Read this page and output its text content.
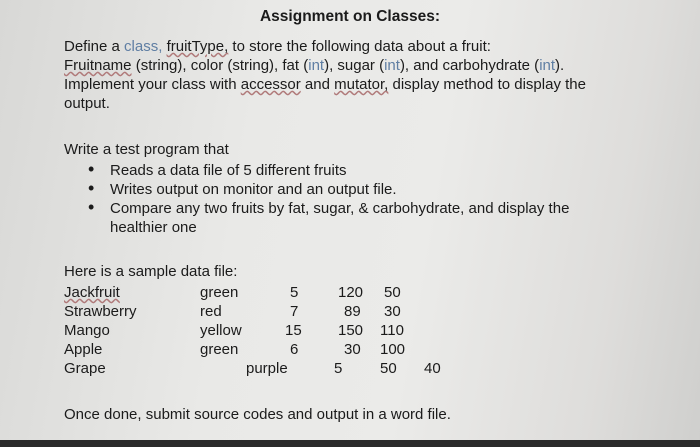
Assignment on Classes:
Define a class, fruitType, to store the following data about a fruit:
Fruitname (string), color (string), fat (int), sugar (int), and carbohydrate (int).
Implement your class with accessor and mutator, display method to display the
output.
Write a test program that
• Reads a data file of 5 different fruits
• Writes output on monitor and an output file.
• Compare any two fruits by fat, sugar, & carbohydrate, and display the healthier one
Here is a sample data file:
Jackfruit	green	5	120 50
Strawberry	red	7	89 30
Mango	yellow	15 150 110
Apple	green	6	30 100
Grape	purple	5	50 40
Once done, submit source codes and output in a word file.
